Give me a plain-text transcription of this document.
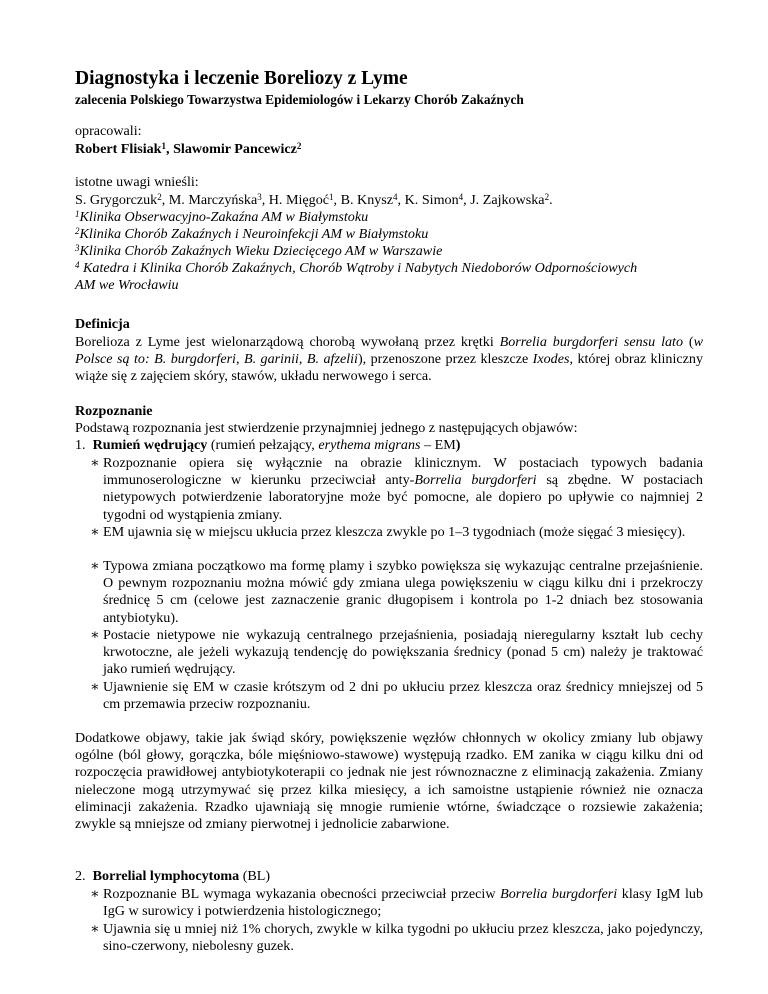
Diagnostyka i leczenie Boreliozy z Lyme
zalecenia Polskiego Towarzystwa Epidemiologów i Lekarzy Chorób Zakaźnych
opracowali:
Robert Flisiak$^1$, Slawomir Pancewicz$^2$
istotne uwagi wnieśli:
S. Grygorczuk$^2$, M. Marczyńska$^3$, H. Mięgoć$^1$, B. Knysz$^4$, K. Simon$^4$, J. Zajkowska$^2$.
$^1$Klinika Obserwacyjno-Zakaźna AM w Białymstoku
$^2$Klinika Chorób Zakaźnych i Neuroinfekcji AM w Białymstoku
$^3$Klinika Chorób Zakaźnych Wieku Dziecięcego AM w Warszawie
$^4$ Katedra i Klinika Chorób Zakaźnych, Chorób Wątroby i Nabytych Niedoborów Odpornościowych
AM we Wrocławiu
Definicja
Borelioza z Lyme jest wielonarządową chorobą wywołaną przez krętki Borrelia burgdorferi sensu lato (w Polsce są to: B. burgdorferi, B. garinii, B. afzelii), przenoszone przez kleszcze Ixodes, której obraz kliniczny wiąże się z zajęciem skóry, stawów, układu nerwowego i serca.
Rozpoznanie
Podstawą rozpoznania jest stwierdzenie przynajmniej jednego z następujących objawów:
1. Rumień wędrujący (rumień pełzający, erythema migrans – EM)
∗ Rozpoznanie opiera się wyłącznie na obrazie klinicznym. W postaciach typowych badania immunoserologiczne w kierunku przeciwciał anty-Borrelia burgdorferi są zbędne. W postaciach nietypowych potwierdzenie laboratoryjne może być pomocne, ale dopiero po upływie co najmniej 2 tygodni od wystąpienia zmiany.
∗ EM ujawnia się w miejscu ukłucia przez kleszcza zwykle po 1–3 tygodniach (może sięgać 3 miesięcy).
∗ Typowa zmiana początkowo ma formę plamy i szybko powiększa się wykazując centralne przejaśnienie. O pewnym rozpoznaniu można mówić gdy zmiana ulega powiększeniu w ciągu kilku dni i przekroczy średnicę 5 cm (celowe jest zaznaczenie granic długopisem i kontrola po 1-2 dniach bez stosowania antybiotyku).
∗ Postacie nietypowe nie wykazują centralnego przejaśnienia, posiadają nieregularny kształt lub cechy krwotoczne, ale jeżeli wykazują tendencję do powiększania średnicy (ponad 5 cm) należy je traktować jako rumień wędrujący.
∗ Ujawnienie się EM w czasie krótszym od 2 dni po ukłuciu przez kleszcza oraz średnicy mniejszej od 5 cm przemawia przeciw rozpoznaniu.
Dodatkowe objawy, takie jak świąd skóry, powiększenie węzłów chłonnych w okolicy zmiany lub objawy ogólne (ból głowy, gorączka, bóle mięśniowo-stawowe) występują rzadko. EM zanika w ciągu kilku dni od rozpoczęcia prawidłowej antybiotykoterapii co jednak nie jest równoznaczne z eliminacją zakażenia. Zmiany nieleczone mogą utrzymywać się przez kilka miesięcy, a ich samoistne ustąpienie również nie oznacza eliminacji zakażenia. Rzadko ujawniają się mnogie rumienie wtórne, świadczące o rozsiewie zakażenia; zwykle są mniejsze od zmiany pierwotnej i jednolicie zabarwione.
2. Borrelial lymphocytoma (BL)
∗ Rozpoznanie BL wymaga wykazania obecności przeciwciał przeciw Borrelia burgdorferi klasy IgM lub IgG w surowicy i potwierdzenia histologicznego;
∗ Ujawnia się u mniej niż 1% chorych, zwykle w kilka tygodni po ukłuciu przez kleszcza, jako pojedynczy, sino-czerwony, niebolesny guzek.
